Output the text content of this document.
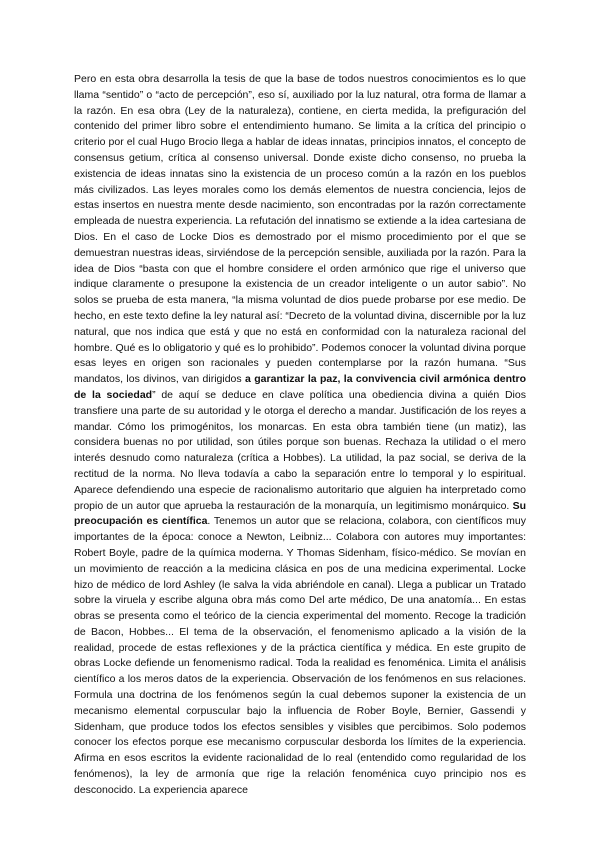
Pero en esta obra desarrolla la tesis de que la base de todos nuestros conocimientos es lo que llama “sentido” o “acto de percepción”, eso sí, auxiliado por la luz natural, otra forma de llamar a la razón. En esa obra (Ley de la naturaleza), contiene, en cierta medida, la prefiguración del contenido del primer libro sobre el entendimiento humano. Se limita a la crítica del principio o criterio por el cual Hugo Brocio llega a hablar de ideas innatas, principios innatos, el concepto de consensus getium, crítica al consenso universal. Donde existe dicho consenso, no prueba la existencia de ideas innatas sino la existencia de un proceso común a la razón en los pueblos más civilizados. Las leyes morales como los demás elementos de nuestra conciencia, lejos de estas insertos en nuestra mente desde nacimiento, son encontradas por la razón correctamente empleada de nuestra experiencia. La refutación del innatismo se extiende a la idea cartesiana de Dios. En el caso de Locke Dios es demostrado por el mismo procedimiento por el que se demuestran nuestras ideas, sirviéndose de la percepción sensible, auxiliada por la razón. Para la idea de Dios “basta con que el hombre considere el orden armónico que rige el universo que indique claramente o presupone la existencia de un creador inteligente o un autor sabio”. No solos se prueba de esta manera, “la misma voluntad de dios puede probarse por ese medio. De hecho, en este texto define la ley natural así: “Decreto de la voluntad divina, discernible por la luz natural, que nos indica que está y que no está en conformidad con la naturaleza racional del hombre. Qué es lo obligatorio y qué es lo prohibido”. Podemos conocer la voluntad divina porque esas leyes en origen son racionales y pueden contemplarse por la razón humana. “Sus mandatos, los divinos, van dirigidos a garantizar la paz, la convivencia civil armónica dentro de la sociedad” de aquí se deduce en clave política una obediencia divina a quién Dios transfiere una parte de su autoridad y le otorga el derecho a mandar. Justificación de los reyes a mandar. Cómo los primogénitos, los monarcas. En esta obra también tiene (un matiz), las considera buenas no por utilidad, son útiles porque son buenas. Rechaza la utilidad o el mero interés desnudo como naturaleza (crítica a Hobbes). La utilidad, la paz social, se deriva de la rectitud de la norma. No lleva todavía a cabo la separación entre lo temporal y lo espiritual. Aparece defendiendo una especie de racionalismo autoritario que alguien ha interpretado como propio de un autor que aprueba la restauración de la monarquía, un legitimismo monárquico. Su preocupación es científica. Tenemos un autor que se relaciona, colabora, con científicos muy importantes de la época: conoce a Newton, Leibniz... Colabora con autores muy importantes: Robert Boyle, padre de la química moderna. Y Thomas Sidenham, físico-médico. Se movían en un movimiento de reacción a la medicina clásica en pos de una medicina experimental. Locke hizo de médico de lord Ashley (le salva la vida abriéndole en canal). Llega a publicar un Tratado sobre la viruela y escribe alguna obra más como Del arte médico, De una anatomía... En estas obras se presenta como el teórico de la ciencia experimental del momento. Recoge la tradición de Bacon, Hobbes... El tema de la observación, el fenomenismo aplicado a la visión de la realidad, procede de estas reflexiones y de la práctica científica y médica. En este grupito de obras Locke defiende un fenomenismo radical. Toda la realidad es fenoménica. Limita el análisis científico a los meros datos de la experiencia. Observación de los fenómenos en sus relaciones. Formula una doctrina de los fenómenos según la cual debemos suponer la existencia de un mecanismo elemental corpuscular bajo la influencia de Rober Boyle, Bernier, Gassendi y Sidenham, que produce todos los efectos sensibles y visibles que percibimos. Solo podemos conocer los efectos porque ese mecanismo corpuscular desborda los límites de la experiencia. Afirma en esos escritos la evidente racionalidad de lo real (entendido como regularidad de los fenómenos), la ley de armonía que rige la relación fenoménica cuyo principio nos es desconocido. La experiencia aparece
